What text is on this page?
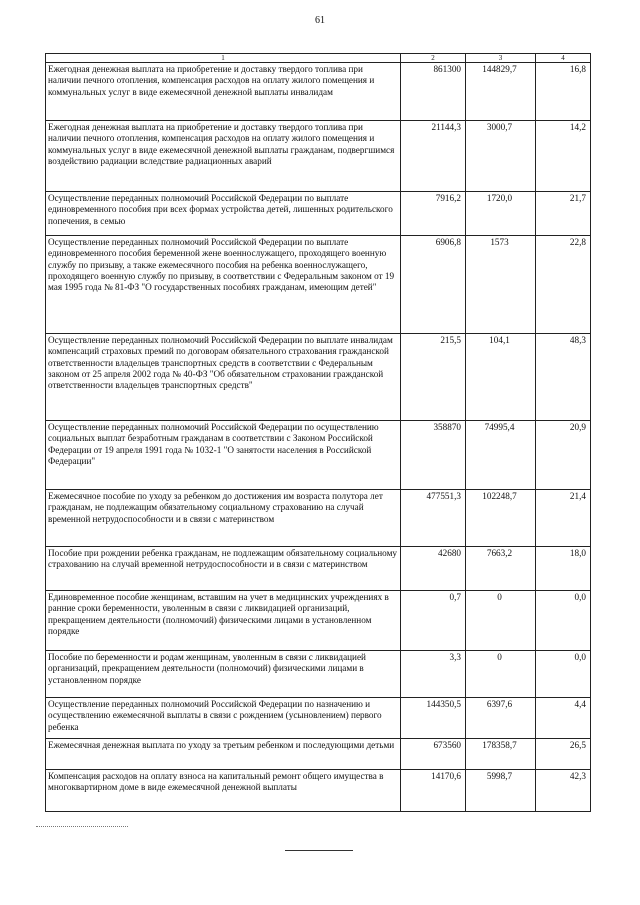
61
1	2	3	4
Ежегодная денежная выплата на приобретение и доставку твердого топлива при наличии печного отопления, компенсация расходов на оплату жилого помещения и коммунальных услуг в виде ежемесячной денежной выплаты инвалидам	861300	144829,7	16,8
Ежегодная денежная выплата на приобретение и доставку твердого топлива при наличии печного отопления, компенсация расходов на оплату жилого помещения и коммунальных услуг в виде ежемесячной денежной выплаты гражданам, подвергшимся воздействию радиации вследствие радиационных аварий	21144,3	3000,7	14,2
Осуществление переданных полномочий Российской Федерации по выплате единовременного пособия при всех формах устройства детей, лишенных родительского попечения, в семью	7916,2	1720,0	21,7
Осуществление переданных полномочий Российской Федерации по выплате единовременного пособия беременной жене военнослужащего, проходящего военную службу по призыву, а также ежемесячного пособия на ребенка военнослужащего, проходящего военную службу по призыву, в соответствии с Федеральным законом от 19 мая 1995 года № 81-ФЗ "О государственных пособиях гражданам, имеющим детей"	6906,8	1573	22,8
Осуществление переданных полномочий Российской Федерации по выплате инвалидам компенсаций страховых премий по договорам обязательного страхования гражданской ответственности владельцев транспортных средств в соответствии с Федеральным законом от 25 апреля 2002 года № 40-ФЗ "Об обязательном страховании гражданской ответственности владельцев транспортных средств"	215,5	104,1	48,3
Осуществление переданных полномочий Российской Федерации по осуществлению социальных выплат безработным гражданам в соответствии с Законом Российской Федерации от 19 апреля 1991 года № 1032-1 "О занятости населения в Российской Федерации"	358870	74995,4	20,9
Ежемесячное пособие по уходу за ребенком до достижения им возраста полутора лет гражданам, не подлежащим обязательному социальному страхованию на случай временной нетрудоспособности и в связи с материнством	477551,3	102248,7	21,4
Пособие при рождении ребенка гражданам, не подлежащим обязательному социальному страхованию на случай временной нетрудоспособности и в связи с материнством	42680	7663,2	18,0
Единовременное пособие женщинам, вставшим на учет в медицинских учреждениях в ранние сроки беременности, уволенным в связи с ликвидацией организаций, прекращением деятельности (полномочий) физическими лицами в установленном порядке	0,7	0	0,0
Пособие по беременности и родам женщинам, уволенным в связи с ликвидацией организаций, прекращением деятельности (полномочий) физическими лицами в установленном порядке	3,3	0	0,0
Осуществление переданных полномочий Российской Федерации по назначению и осуществлению ежемесячной выплаты в связи с рождением (усыновлением) первого ребенка	144350,5	6397,6	4,4
Ежемесячная денежная выплата по уходу за третьим ребенком и последующими детьми	673560	178358,7	26,5
Компенсация расходов на оплату взноса на капитальный ремонт общего имущества в многоквартирном доме в виде ежемесячной денежной выплаты	14170,6	5998,7	42,3
